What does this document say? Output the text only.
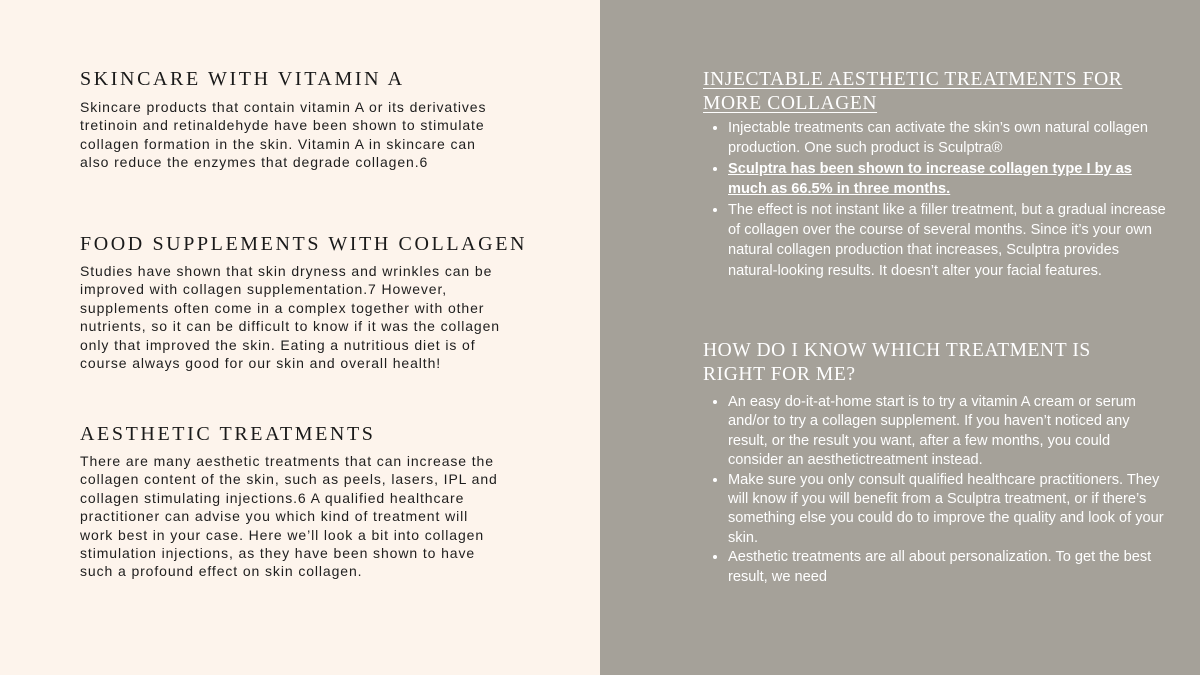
SKINCARE WITH VITAMIN A

Skincare products that contain vitamin A or its derivatives tretinoin and retinaldehyde have been shown to stimulate collagen formation in the skin. Vitamin A in skincare can also reduce the enzymes that degrade collagen.6

FOOD SUPPLEMENTS WITH COLLAGEN

Studies have shown that skin dryness and wrinkles can be improved with collagen supplementation.7 However, supplements often come in a complex together with other nutrients, so it can be difficult to know if it was the collagen only that improved the skin. Eating a nutritious diet is of course always good for our skin and overall health!

AESTHETIC TREATMENTS

There are many aesthetic treatments that can increase the collagen content of the skin, such as peels, lasers, IPL and collagen stimulating injections.6 A qualified healthcare practitioner can advise you which kind of treatment will work best in your case. Here we’ll look a bit into collagen stimulation injections, as they have been shown to have such a profound effect on skin collagen.

INJECTABLE AESTHETIC TREATMENTS FOR MORE COLLAGEN
• Injectable treatments can activate the skin’s own natural collagen production. One such product is Sculptra®
• Sculptra has been shown to increase collagen type I by as much as 66.5% in three months.
• The effect is not instant like a filler treatment, but a gradual increase of collagen over the course of several months. Since it’s your own natural collagen production that increases, Sculptra provides natural-looking results. It doesn’t alter your facial features.
HOW DO I KNOW WHICH TREATMENT IS RIGHT FOR ME?
• An easy do-it-at-home start is to try a vitamin A cream or serum and/or to try a collagen supplement. If you haven’t noticed any result, or the result you want, after a few months, you could consider an aesthetictreatment instead.
• Make sure you only consult qualified healthcare practitioners. They will know if you will benefit from a Sculptra treatment, or if there’s something else you could do to improve the quality and look of your skin.
• Aesthetic treatments are all about personalization. To get the best result, we need
